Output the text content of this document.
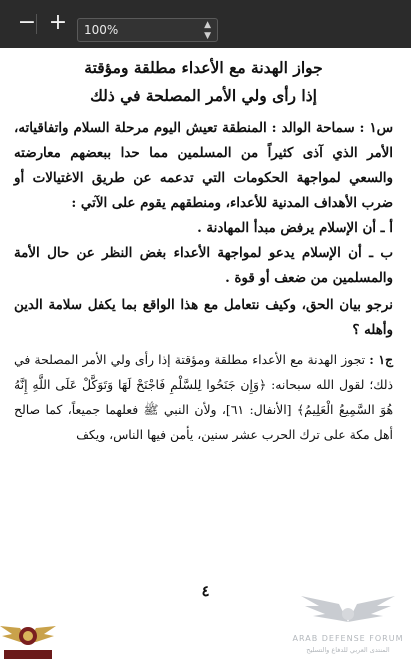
− +	100%	▲
▼

جواز الهدنة مع الأعداء مطلقة ومؤقتة

إذا رأى ولي الأمر المصلحة في ذلك

س١ : سماحة الوالد : المنطقة تعيش اليوم مرحلة السلام واتفاقياته، الأمر الذي آذى كثيراً من المسلمين مما حدا ببعضهم معارضته والسعي لمواجهة الحكومات التي تدعمه عن طريق الاغتيالات أو ضرب الأهداف المدنية للأعداء، ومنطقهم يقوم على الآتي :

أ ـ أن الإسلام يرفض مبدأ المهادنة .

ب ـ أن الإسلام يدعو لمواجهة الأعداء بغض النظر عن حال الأمة والمسلمين من ضعف أو قوة .

نرجو بيان الحق، وكيف نتعامل مع هذا الواقع بما يكفل سلامة الدين وأهله ؟

ج١ : تجوز الهدنة مع الأعداء مطلقة ومؤقتة إذا رأى ولي الأمر المصلحة في ذلك؛ لقول الله سبحانه: ﴿وَإِن جَنَحُوا لِلسَّلْمِ فَاجْنَحْ لَهَا وَتَوَكَّلْ عَلَى اللَّهِ إِنَّهُ هُوَ السَّمِيعُ الْعَلِيمُ﴾ [الأنفال: ٦١]، ولأن النبي ﷺ فعلهما جميعاً، كما صالح أهل مكة على ترك الحرب عشر سنين، يأمن فيها الناس، ويكف

٤
ARAB DEFENSE FORUM
المنتدى العربي للدفاع والتسليح
